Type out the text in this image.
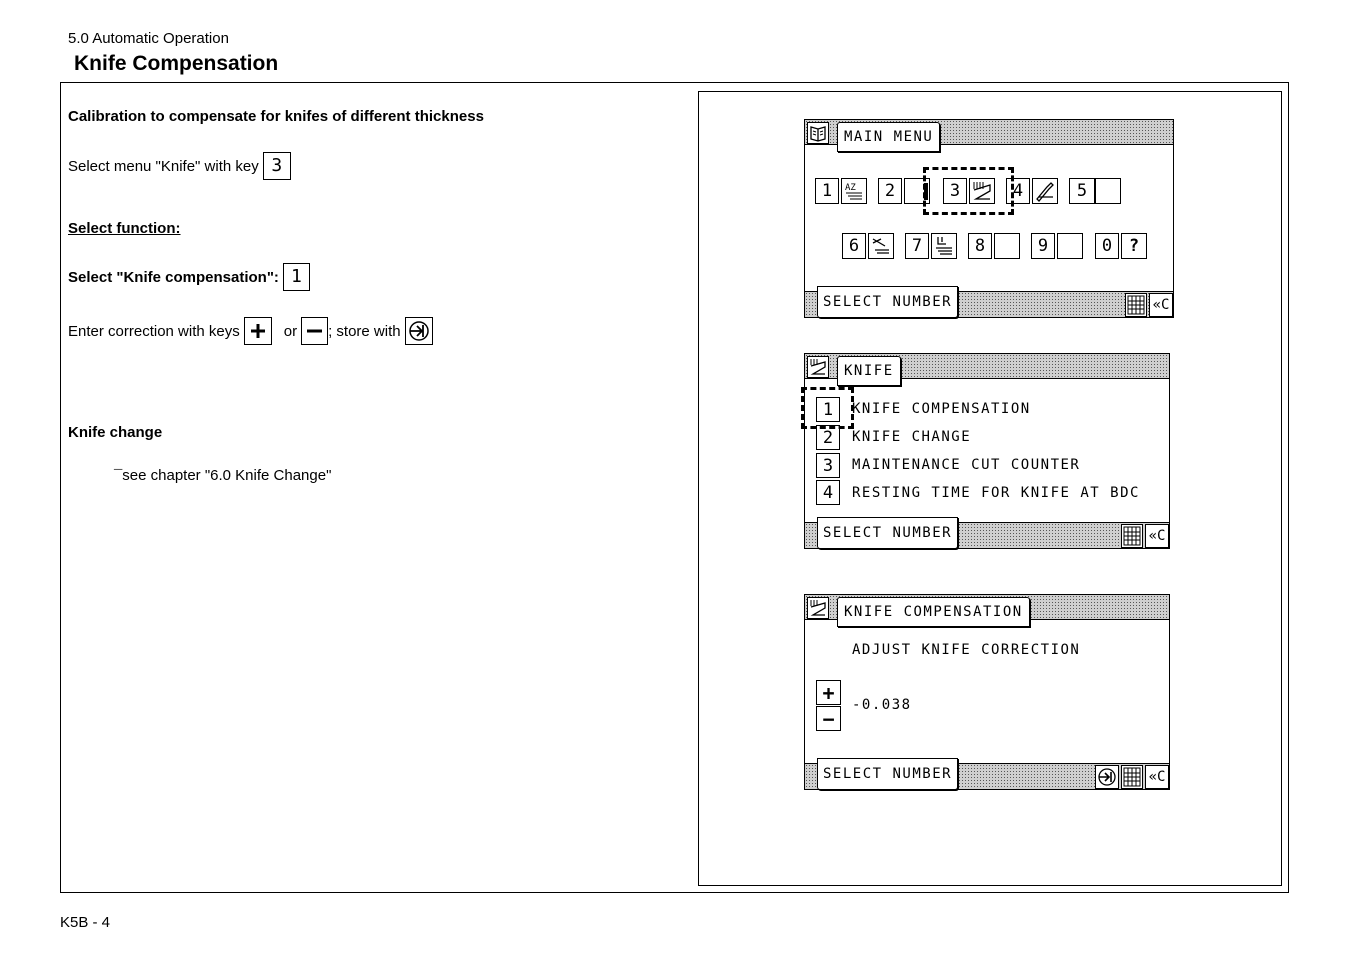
5.0 Automatic Operation
Knife Compensation
Calibration to compensate for knifes of different thickness
Select menu "Knife" with key 3
Select function:
Select "Knife compensation": 1
Enter correction with keys	or ; store with
Knife change
¯see chapter "6.0 Knife Change"
MAIN MENU
1	AZ	2	3	4	5
6	7	8	9	0 ?
SELECT NUMBER	«C
KNIFE
1	KNIFE COMPENSATION
2	KNIFE CHANGE
3	MAINTENANCE CUT COUNTER
4	RESTING TIME FOR KNIFE AT BDC
SELECT NUMBER	«C
KNIFE COMPENSATION
ADJUST KNIFE CORRECTION
+
−
-0.038
SELECT NUMBER	«C
K5B - 4
